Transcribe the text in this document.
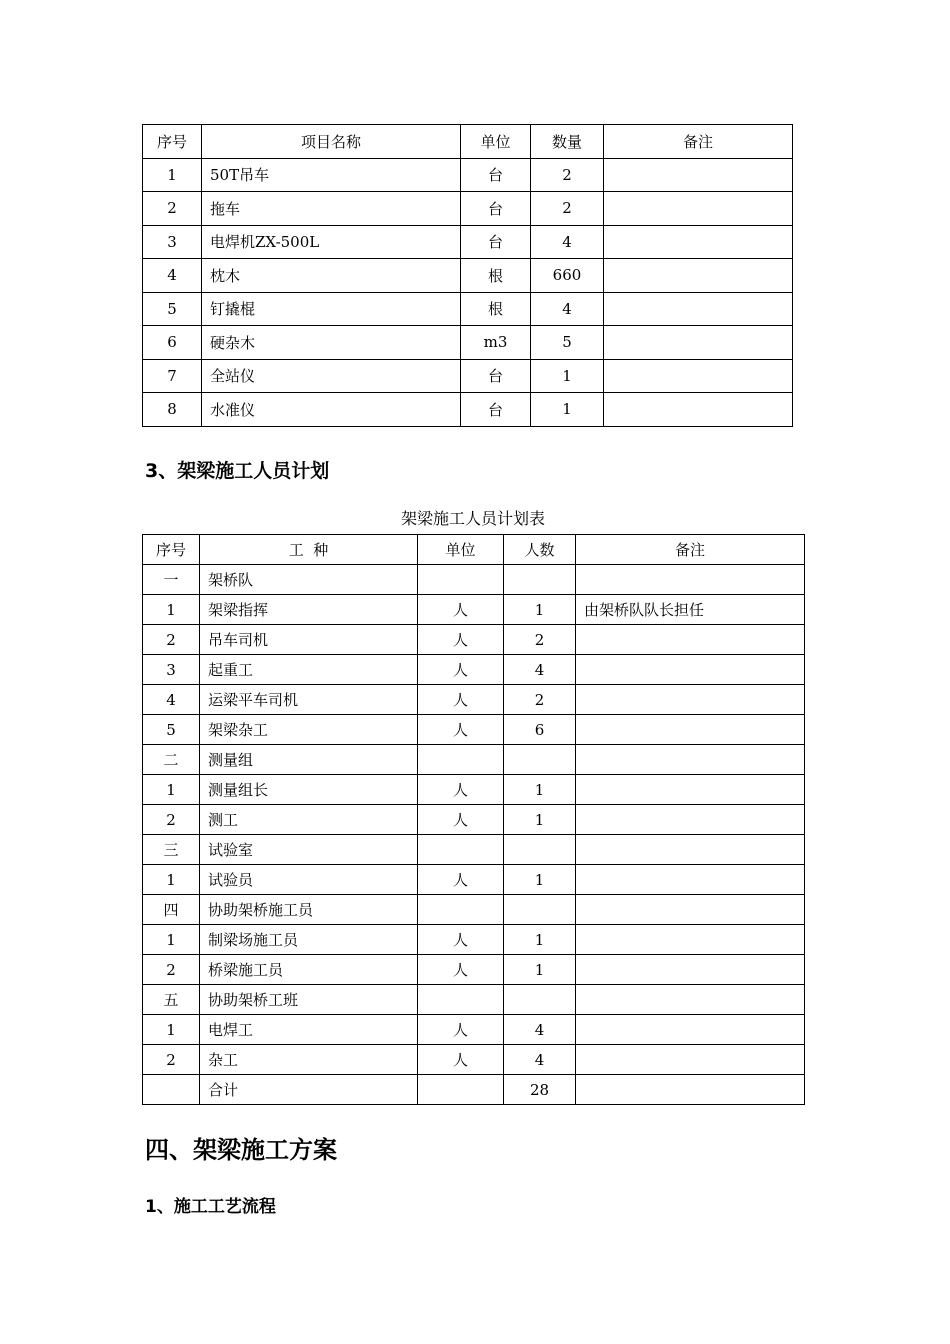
序号	项目名称	单位	数量	备注
1	50T吊车	台	2	
2	拖车	台	2	
3	电焊机ZX-500L	台	4	
4	枕木	根	660	
5	钉撬棍	根	4	
6	硬杂木	m3	5	
7	全站仪	台	1	
8	水准仪	台	1	
3、架梁施工人员计划
架梁施工人员计划表
序号	工  种	单位	人数	备注
一	架桥队			
1	架梁指挥	人	1	由架桥队队长担任
2	吊车司机	人	2	
3	起重工	人	4	
4	运梁平车司机	人	2	
5	架梁杂工	人	6	
二	测量组			
1	测量组长	人	1	
2	测工	人	1	
三	试验室			
1	试验员	人	1	
四	协助架桥施工员			
1	制梁场施工员	人	1	
2	桥梁施工员	人	1	
五	协助架桥工班			
1	电焊工	人	4	
2	杂工	人	4	
	合计		28	
四、架梁施工方案
1、施工工艺流程
